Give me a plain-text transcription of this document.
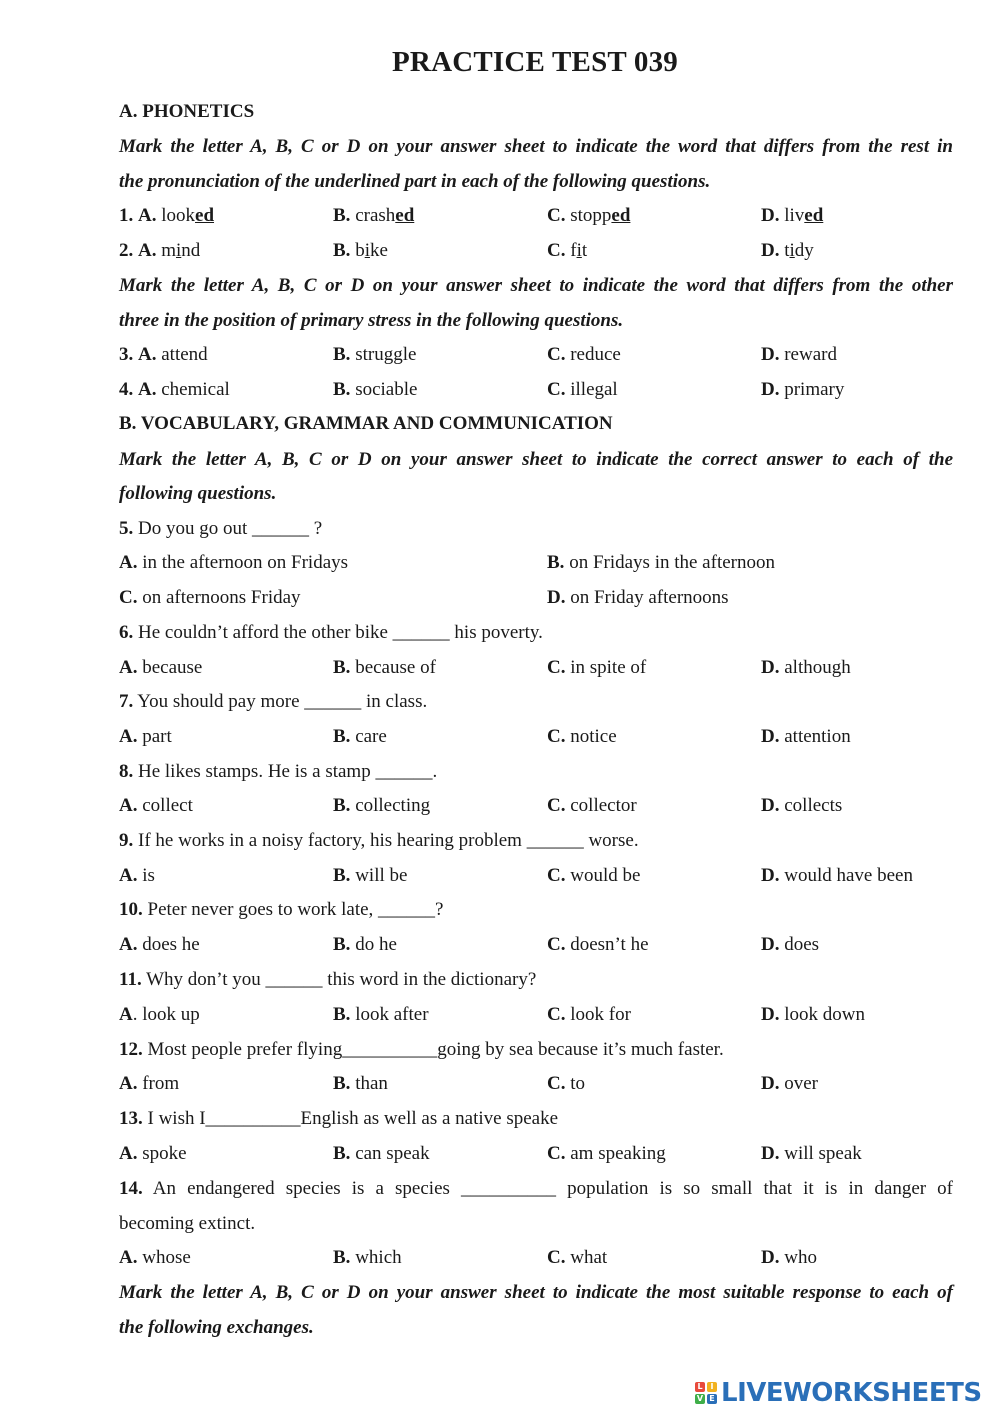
PRACTICE TEST 039
A. PHONETICS
Mark the letter A, B, C or D on your answer sheet to indicate the word that differs from the rest in
the pronunciation of the underlined part in each of the following questions.
1. A. looked	B. crashed	C. stopped	D. lived
2. A. mind	B. bike	C. fit	D. tidy
Mark the letter A, B, C or D on your answer sheet to indicate the word that differs from the other
three in the position of primary stress in the following questions.
3. A. attend	B. struggle	C. reduce	D. reward
4. A. chemical	B. sociable	C. illegal	D. primary
B. VOCABULARY, GRAMMAR AND COMMUNICATION
Mark the letter A, B, C or D on your answer sheet to indicate the correct answer to each of the
following questions.
5. Do you go out ______ ?
A. in the afternoon on Fridays	B. on Fridays in the afternoon
C. on afternoons Friday	D. on Friday afternoons
6. He couldn’t afford the other bike ______ his poverty.
A. because	B. because of	C. in spite of	D. although
7. You should pay more ______ in class.
A. part	B. care	C. notice	D. attention
8. He likes stamps. He is a stamp ______.
A. collect	B. collecting	C. collector	D. collects
9. If he works in a noisy factory, his hearing problem ______ worse.
A. is	B. will be	C. would be	D. would have been
10. Peter never goes to work late, ______?
A. does he	B. do he	C. doesn’t he	D. does
11. Why don’t you ______ this word in the dictionary?
A. look up	B. look after	C. look for	D. look down
12. Most people prefer flying__________going by sea because it’s much faster.
A. from	B. than	C. to	D. over
13. I wish I__________English as well as a native speake
A. spoke	B. can speak	C. am speaking	D. will speak
14. An endangered species is a species __________ population is so small that it is in danger of
becoming extinct.
A. whose	B. which	C. what	D. who
Mark the letter A, B, C or D on your answer sheet to indicate the most suitable response to each of
the following exchanges.
L I
V E LIVEWORKSHEETS
